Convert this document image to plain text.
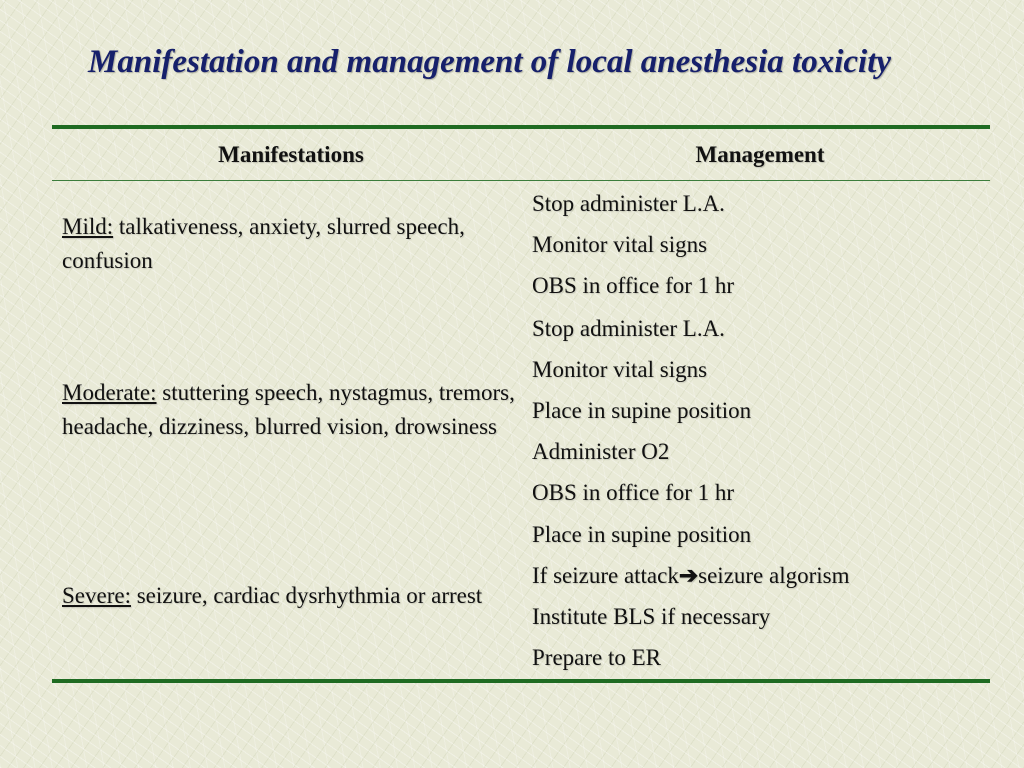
Manifestation and management of local anesthesia toxicity
Manifestations	Management
Mild: talkativeness, anxiety, slurred speech, confusion
Stop administer L.A.
Monitor vital signs
OBS in office for 1 hr
Moderate: stuttering speech, nystagmus, tremors, headache, dizziness, blurred vision, drowsiness
Stop administer L.A.
Monitor vital signs
Place in supine position
Administer O2
OBS in office for 1 hr
Severe: seizure, cardiac dysrhythmia or arrest
Place in supine position
If seizure attack➔seizure algorism
Institute BLS if necessary
Prepare to ER
